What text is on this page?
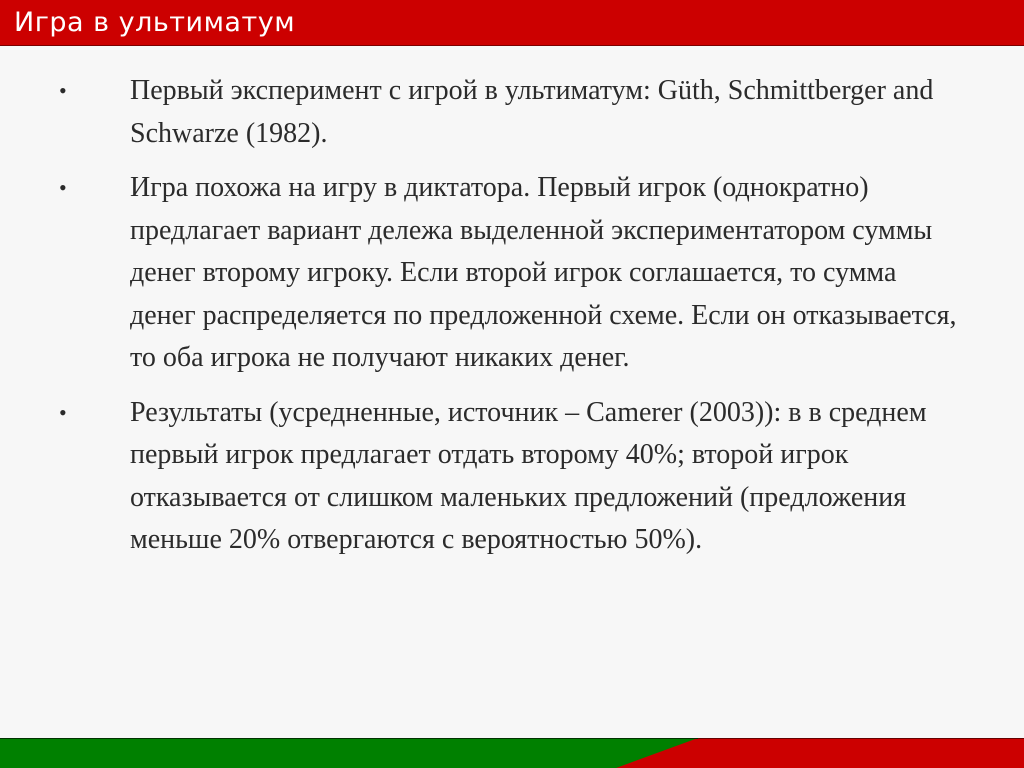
Игра в ультиматум
• Первый эксперимент с игрой в ультиматум: Güth, Schmittberger and Schwarze (1982).
• Игра похожа на игру в диктатора. Первый игрок (однократно) предлагает вариант дележа выделенной экспериментатором суммы денег второму игроку. Если второй игрок соглашается, то сумма денег распределяется по предложенной схеме. Если он отказывается, то оба игрока не получают никаких денег.
• Результаты (усредненные, источник – Camerer (2003)): в в среднем первый игрок предлагает отдать второму 40%; второй игрок отказывается от слишком маленьких предложений (предложения меньше 20% отвергаются с вероятностью 50%).
